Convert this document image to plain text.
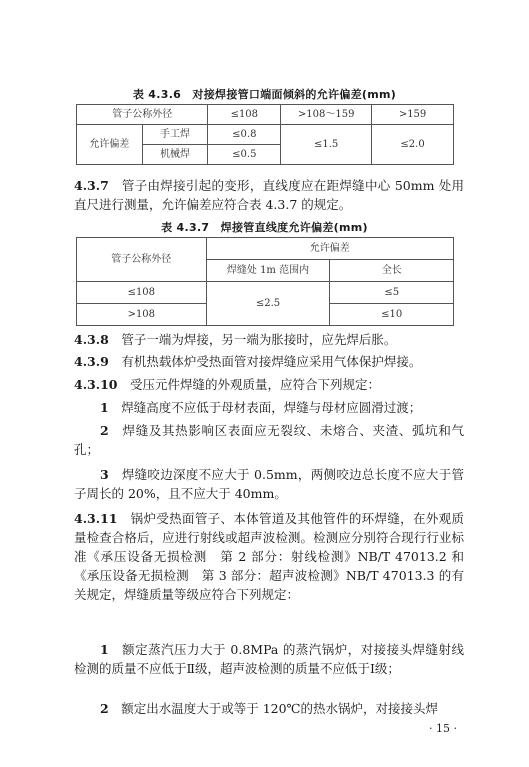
表 4.3.6　对接焊接管口端面倾斜的允许偏差(mm)
管子公称外径		≤108	>108～159	>159
允许偏差	手工焊	≤0.8	≤1.5	≤2.0
	机械焊	≤0.5		

4.3.7　 管子由焊接引起的变形，直线度应在距焊缝中心 50mm 处用直尺进行测量，允许偏差应符合表 4.3.7 的规定。

表 4.3.7　焊接管直线度允许偏差(mm)
管子公称外径	允许偏差	
	焊缝处 1m 范围内	全长
≤108	≤2.5	≤5
>108		≤10

4.3.8　 管子一端为焊接，另一端为胀接时，应先焊后胀。

4.3.9　 有机热载体炉受热面管对接焊缝应采用气体保护焊接。

4.3.10　 受压元件焊缝的外观质量，应符合下列规定：

1　 焊缝高度不应低于母材表面，焊缝与母材应圆滑过渡；

2　 焊缝及其热影响区表面应无裂纹、未熔合、夹渣、弧坑和气孔；

3　 焊缝咬边深度不应大于 0.5mm，两侧咬边总长度不应大于管子周长的 20%，且不应大于 40mm。

4.3.11　 锅炉受热面管子、本体管道及其他管件的环焊缝，在外观质量检查合格后，应进行射线或超声波检测。检测应分别符合现行行业标准《承压设备无损检测　第 2 部分：射线检测》NB/T 47013.2 和《承压设备无损检测　第 3 部分：超声波检测》NB/T 47013.3 的有关规定，焊缝质量等级应符合下列规定：

1　 额定蒸汽压力大于 0.8MPa 的蒸汽锅炉，对接接头焊缝射线检测的质量不应低于Ⅱ级，超声波检测的质量不应低于Ⅰ级；

2　 额定出水温度大于或等于 120℃的热水锅炉，对接接头焊

· 15 ·
